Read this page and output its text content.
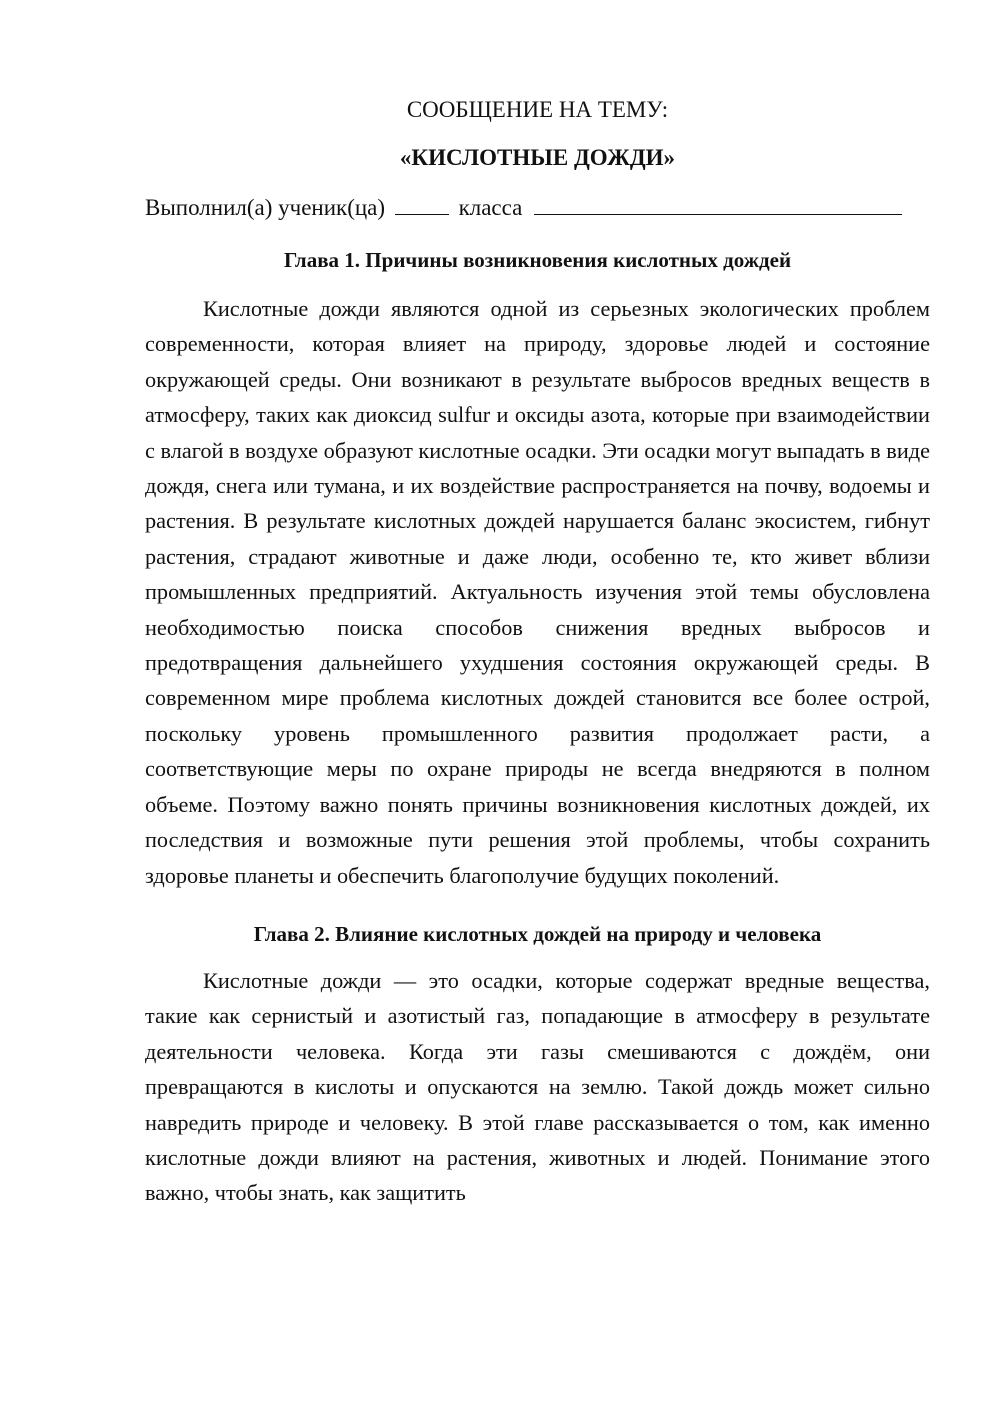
СООБЩЕНИЕ НА ТЕМУ:

«КИСЛОТНЫЕ ДОЖДИ»

Выполнил(а) ученик(ца)	класса
Глава 1. Причины возникновения кислотных дождей

Кислотные дожди являются одной из серьезных экологических проблем современности, которая влияет на природу, здоровье людей и состояние окружающей среды. Они возникают в результате выбросов вредных веществ в атмосферу, таких как диоксид sulfur и оксиды азота, которые при взаимодействии с влагой в воздухе образуют кислотные осадки. Эти осадки могут выпадать в виде дождя, снега или тумана, и их воздействие распространяется на почву, водоемы и растения. В результате кислотных дождей нарушается баланс экосистем, гибнут растения, страдают животные и даже люди, особенно те, кто живет вблизи промышленных предприятий. Актуальность изучения этой темы обусловлена необходимостью поиска способов снижения вредных выбросов и предотвращения дальнейшего ухудшения состояния окружающей среды. В современном мире проблема кислотных дождей становится все более острой, поскольку уровень промышленного развития продолжает расти, а соответствующие меры по охране природы не всегда внедряются в полном объеме. Поэтому важно понять причины возникновения кислотных дождей, их последствия и возможные пути решения этой проблемы, чтобы сохранить здоровье планеты и обеспечить благополучие будущих поколений.

Глава 2. Влияние кислотных дождей на природу и человека

Кислотные дожди — это осадки, которые содержат вредные вещества, такие как сернистый и азотистый газ, попадающие в атмосферу в результате деятельности человека. Когда эти газы смешиваются с дождём, они превращаются в кислоты и опускаются на землю. Такой дождь может сильно навредить природе и человеку. В этой главе рассказывается о том, как именно кислотные дожди влияют на растения, животных и людей. Понимание этого важно, чтобы знать, как защитить
